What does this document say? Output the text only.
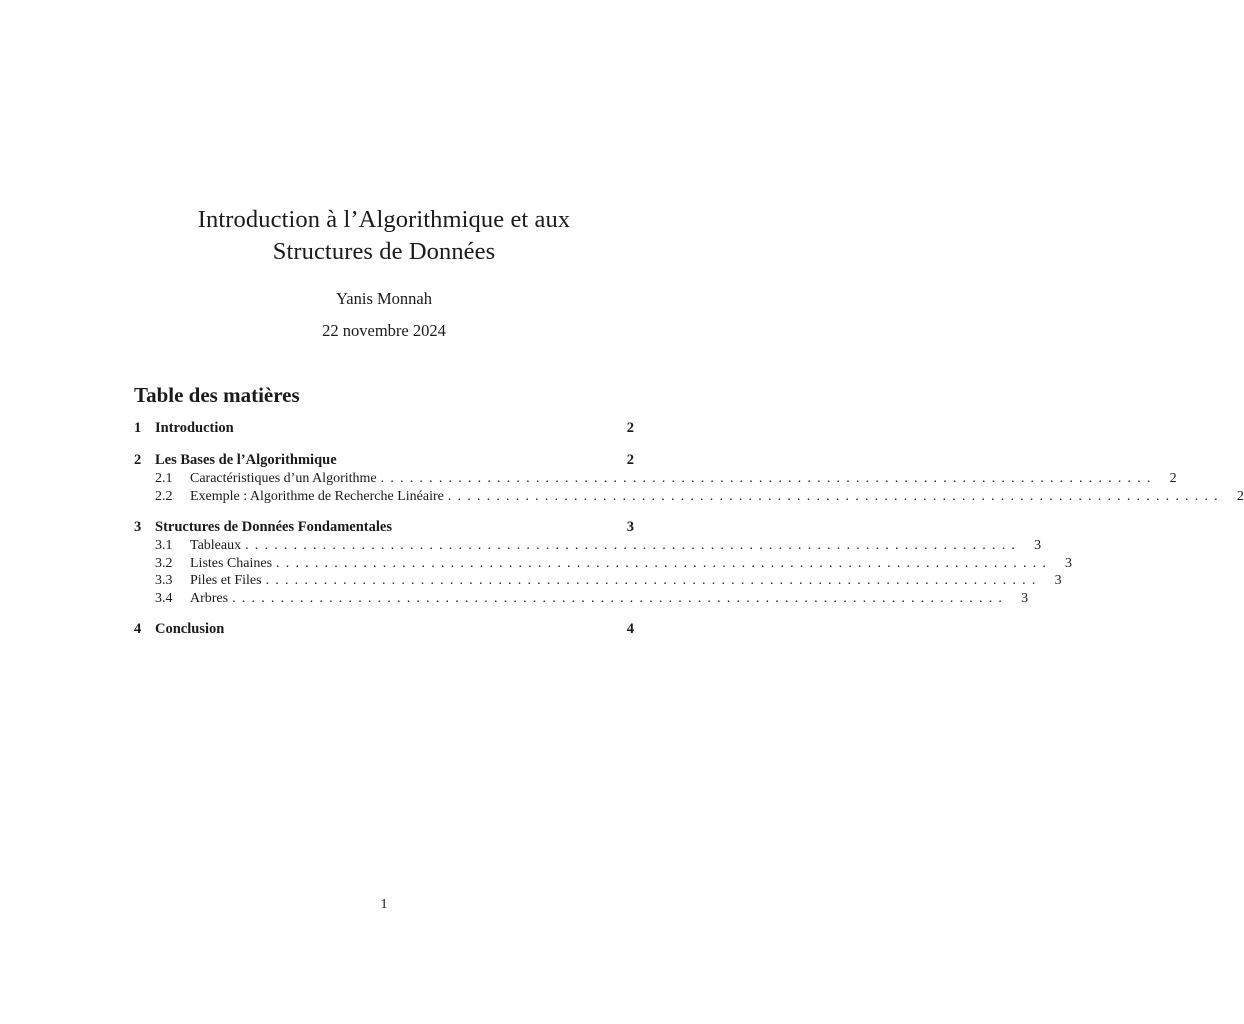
Introduction à l’Algorithmique et aux
Structures de Données
Yanis Monnah
22 novembre 2024
Table des matières
1 Introduction	2
2 Les Bases de l’Algorithmique	2
2.1	Caractéristiques d’un Algorithme ................................................................................ 2
2.2	Exemple : Algorithme de Recherche Linéaire ................................................................................ 2
3 Structures de Données Fondamentales	3
3.1	Tableaux ................................................................................ 3
3.2	Listes Chaines ................................................................................ 3
3.3	Piles et Files ................................................................................ 3
3.4	Arbres ................................................................................ 3
4 Conclusion	4
1
